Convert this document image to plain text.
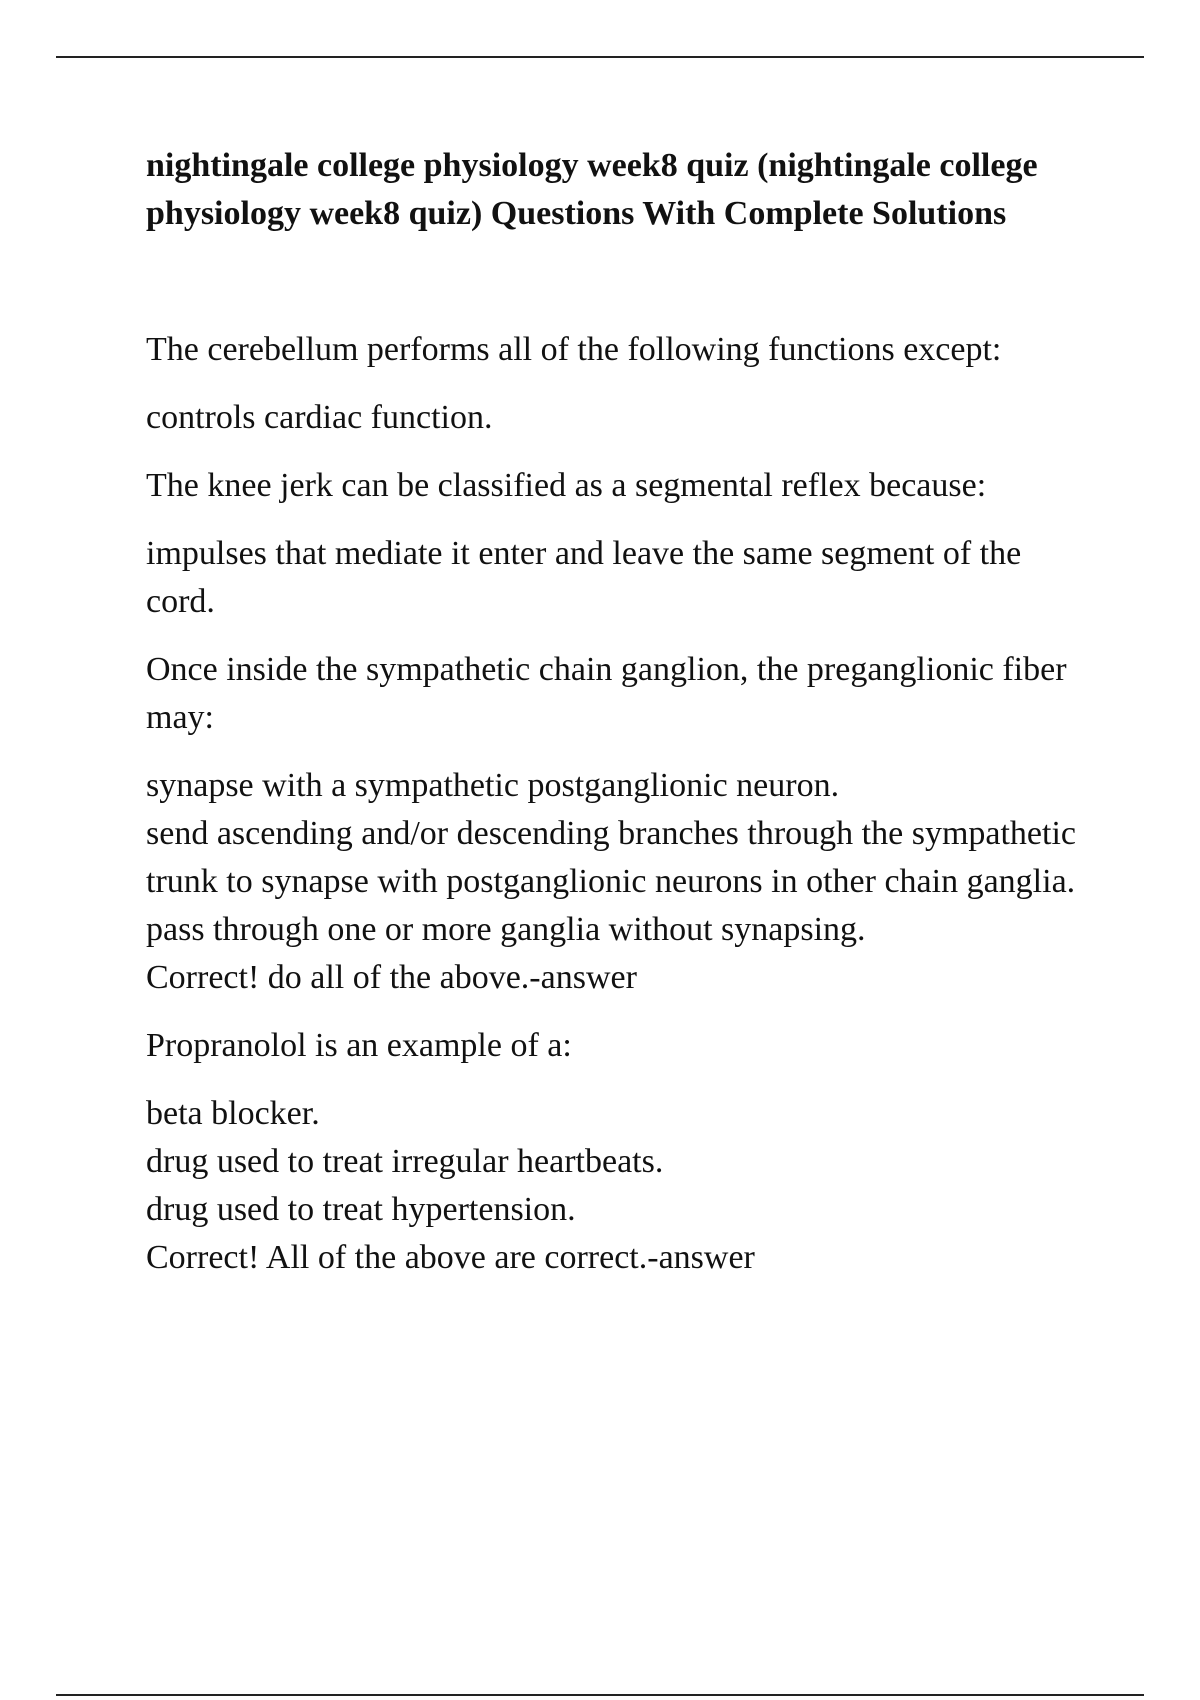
nightingale college physiology week8 quiz (nightingale college physiology week8 quiz) Questions With Complete Solutions
The cerebellum performs all of the following functions except:
controls cardiac function.
The knee jerk can be classified as a segmental reflex because:
impulses that mediate it enter and leave the same segment of the cord.
Once inside the sympathetic chain ganglion, the preganglionic fiber may:
synapse with a sympathetic postganglionic neuron.
send ascending and/or descending branches through the sympathetic trunk to synapse with postganglionic neurons in other chain ganglia.
pass through one or more ganglia without synapsing.
Correct! do all of the above.-answer
Propranolol is an example of a:
beta blocker.
drug used to treat irregular heartbeats.
drug used to treat hypertension.
Correct! All of the above are correct.-answer
